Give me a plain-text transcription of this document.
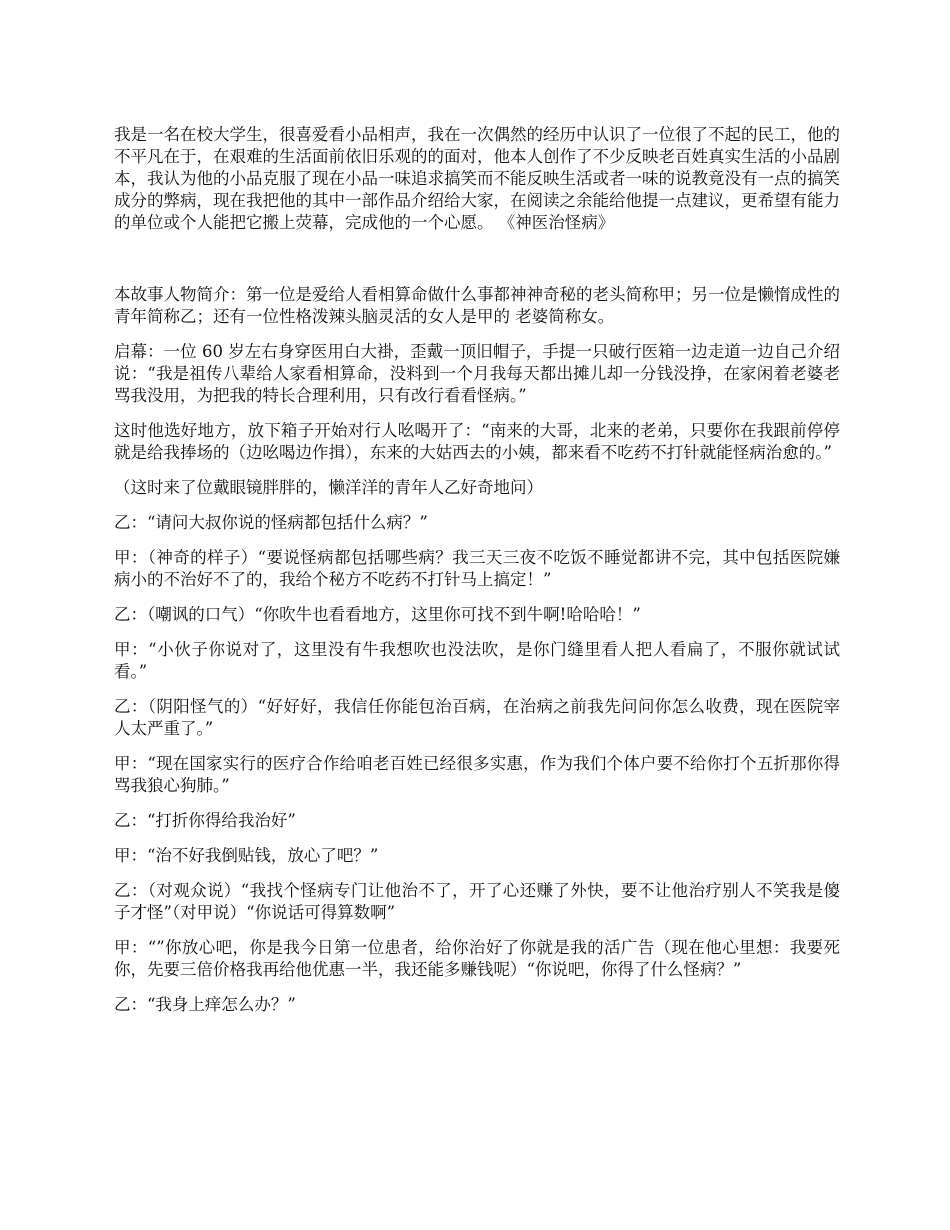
我是一名在校大学生，很喜爱看小品相声，我在一次偶然的经历中认识了一位很了不起的民工，他的不平凡在于，在艰难的生活面前依旧乐观的的面对，他本人创作了不少反映老百姓真实生活的小品剧本，我认为他的小品克服了现在小品一味追求搞笑而不能反映生活或者一味的说教竟没有一点的搞笑成分的弊病，现在我把他的其中一部作品介绍给大家，在阅读之余能给他提一点建议，更希望有能力的单位或个人能把它搬上荧幕，完成他的一个心愿。 《神医治怪病》

本故事人物简介：第一位是爱给人看相算命做什么事都神神奇秘的老头简称甲；另一位是懒惰成性的青年简称乙；还有一位性格泼辣头脑灵活的女人是甲的 老婆简称女。

启幕：一位 60 岁左右身穿医用白大褂，歪戴一顶旧帽子，手提一只破行医箱一边走道一边自己介绍说：“我是祖传八辈给人家看相算命，没料到一个月我每天都出摊儿却一分钱没挣，在家闲着老婆老骂我没用，为把我的特长合理利用，只有改行看看怪病。”

这时他选好地方，放下箱子开始对行人吆喝开了：“南来的大哥，北来的老弟，只要你在我跟前停停就是给我捧场的（边吆喝边作揖），东来的大姑西去的小姨，都来看不吃药不打针就能怪病治愈的。”

（这时来了位戴眼镜胖胖的，懒洋洋的青年人乙好奇地问）

乙：“请问大叔你说的怪病都包括什么病？”

甲：（神奇的样子）“要说怪病都包括哪些病？我三天三夜不吃饭不睡觉都讲不完，其中包括医院嫌病小的不治好不了的，我给个秘方不吃药不打针马上搞定！”

乙：（嘲讽的口气）“你吹牛也看看地方，这里你可找不到牛啊!哈哈哈！”

甲：“小伙子你说对了，这里没有牛我想吹也没法吹，是你门缝里看人把人看扁了，不服你就试试看。”

乙：（阴阳怪气的）“好好好，我信任你能包治百病，在治病之前我先问问你怎么收费，现在医院宰人太严重了。”

甲：“现在国家实行的医疗合作给咱老百姓已经很多实惠，作为我们个体户要不给你打个五折那你得骂我狼心狗肺。”

乙：“打折你得给我治好”

甲：“治不好我倒贴钱，放心了吧？”

乙：（对观众说）“我找个怪病专门让他治不了，开了心还赚了外快，要不让他治疗别人不笑我是傻子才怪”（对甲说）“你说话可得算数啊”

甲：“”你放心吧，你是我今日第一位患者，给你治好了你就是我的活广告（现在他心里想：我要死你，先要三倍价格我再给他优惠一半，我还能多赚钱呢）“你说吧，你得了什么怪病？”

乙：“我身上痒怎么办？”
